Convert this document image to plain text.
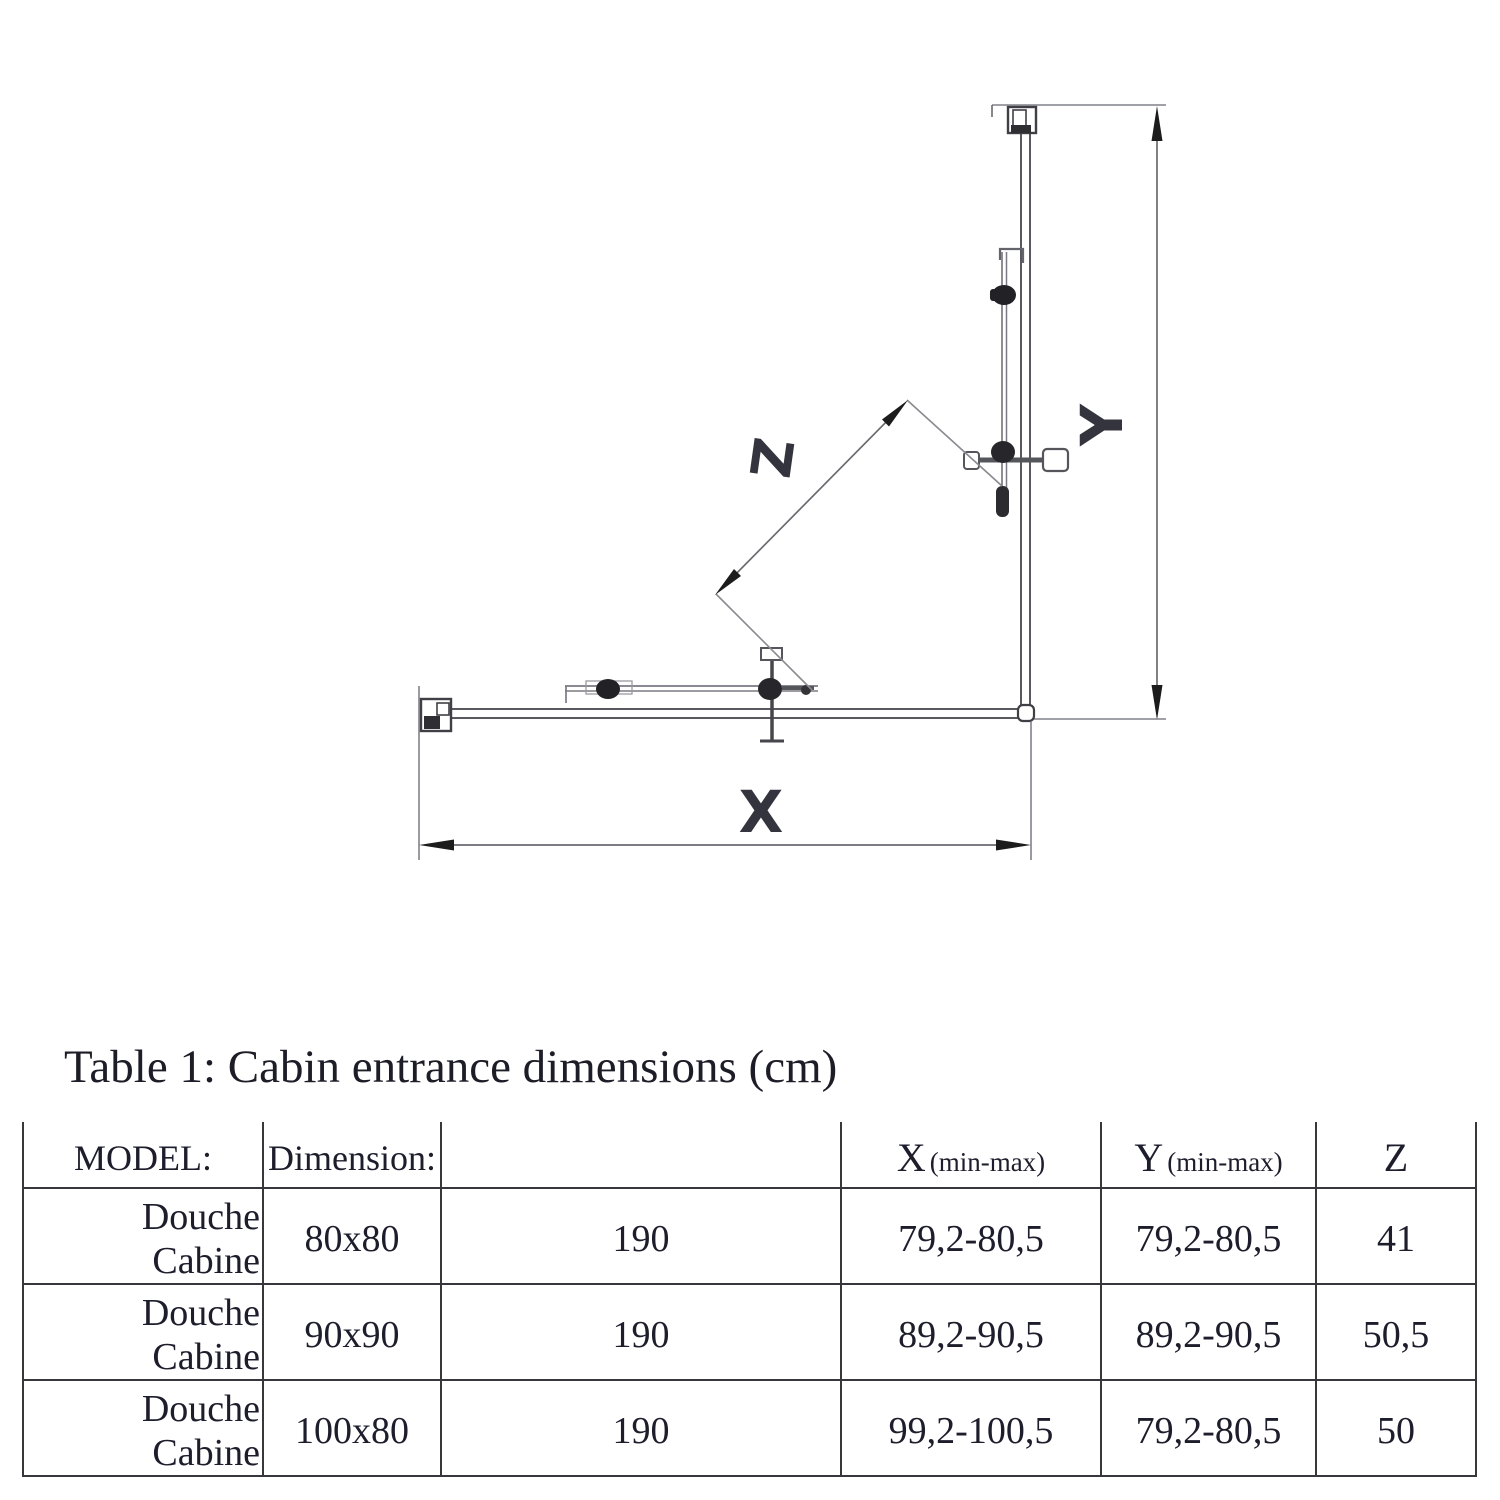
Y
X
Z
Table 1: Cabin entrance dimensions (cm)
MODEL:	Dimension:		X (min-max)	Y (min-max)	Z
Douche Cabine	80x80	190	79,2-80,5	79,2-80,5	41
Douche Cabine	90x90	190	89,2-90,5	89,2-90,5	50,5
Douche Cabine	100x80	190	99,2-100,5	79,2-80,5	50
